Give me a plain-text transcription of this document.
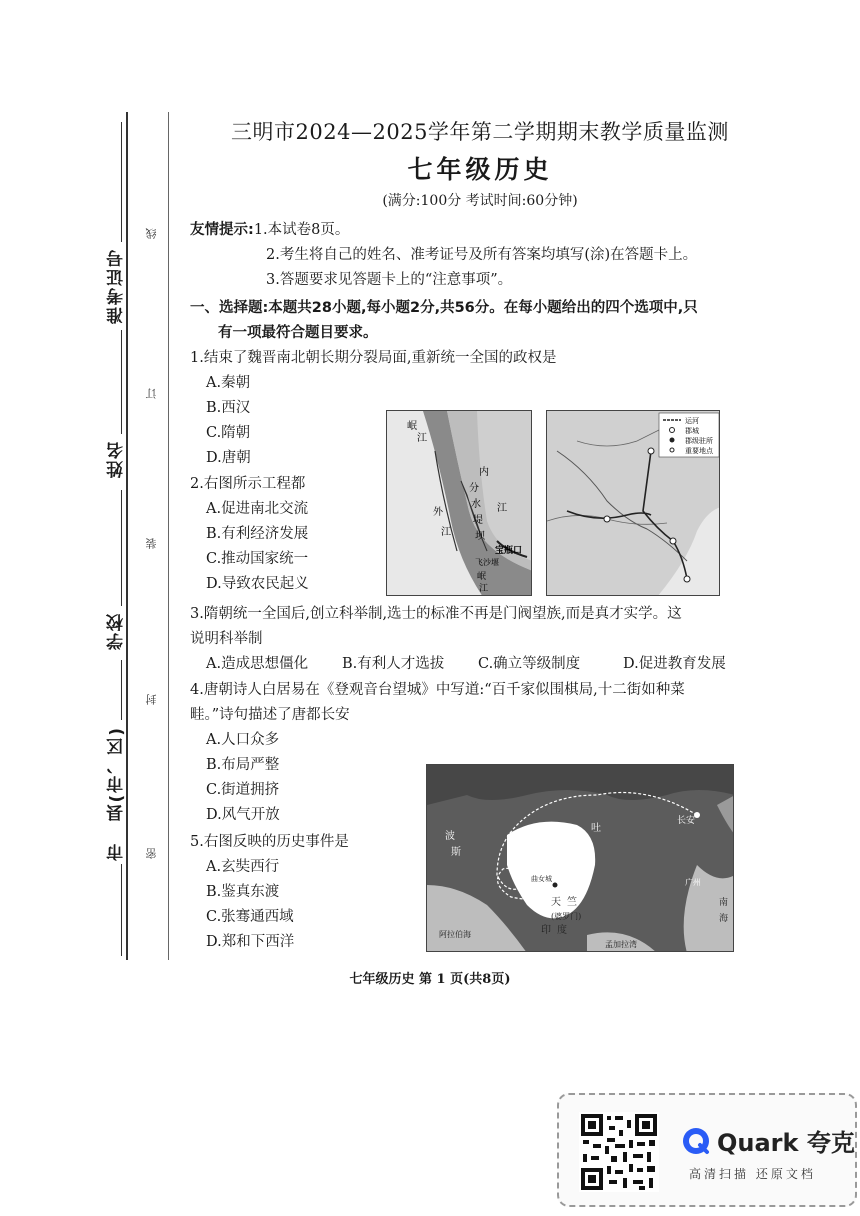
准考证号
姓名
学校
县(市、区)
市
线
订
装
封
密
三明市2024—2025学年第二学期期末教学质量监测
七年级历史
(满分:100分 考试时间:60分钟)
友情提示:1.本试卷8页。
2.考生将自己的姓名、准考证号及所有答案均填写(涂)在答题卡上。
3.答题要求见答题卡上的“注意事项”。
一、选择题:本题共28小题,每小题2分,共56分。在每小题给出的四个选项中,只
有一项最符合题目要求。
1.结束了魏晋南北朝长期分裂局面,重新统一全国的政权是
A.秦朝
B.西汉
C.隋朝
D.唐朝
2.右图所示工程都
A.促进南北交流
B.有利经济发展
C.推动国家统一
D.导致农民起义
岷
江
内
外
分
水
堤
坝
江
江
宝瓶口
飞沙堰
岷
江
运河
郡城
郡级驻所
重要地点
3.隋朝统一全国后,创立科举制,选士的标准不再是门阀望族,而是真才实学。这
说明科举制
A.造成思想僵化	B.有利人才选拔	C.确立等级制度	D.促进教育发展
4.唐朝诗人白居易在《登观音台望城》中写道:“百千家似围棋局,十二街如种菜
畦。”诗句描述了唐都长安
A.人口众多
B.布局严整
C.街道拥挤
D.风气开放
5.右图反映的历史事件是
A.玄奘西行
B.鉴真东渡
C.张骞通西域
D.郑和下西洋
波
斯
吐
天 竺
(婆罗门)
印 度
长安
广州
南
海
阿拉伯海
孟加拉湾
曲女城
七年级历史 第 1 页(共8页)
Quark 夸克
高清扫描 还原文档
